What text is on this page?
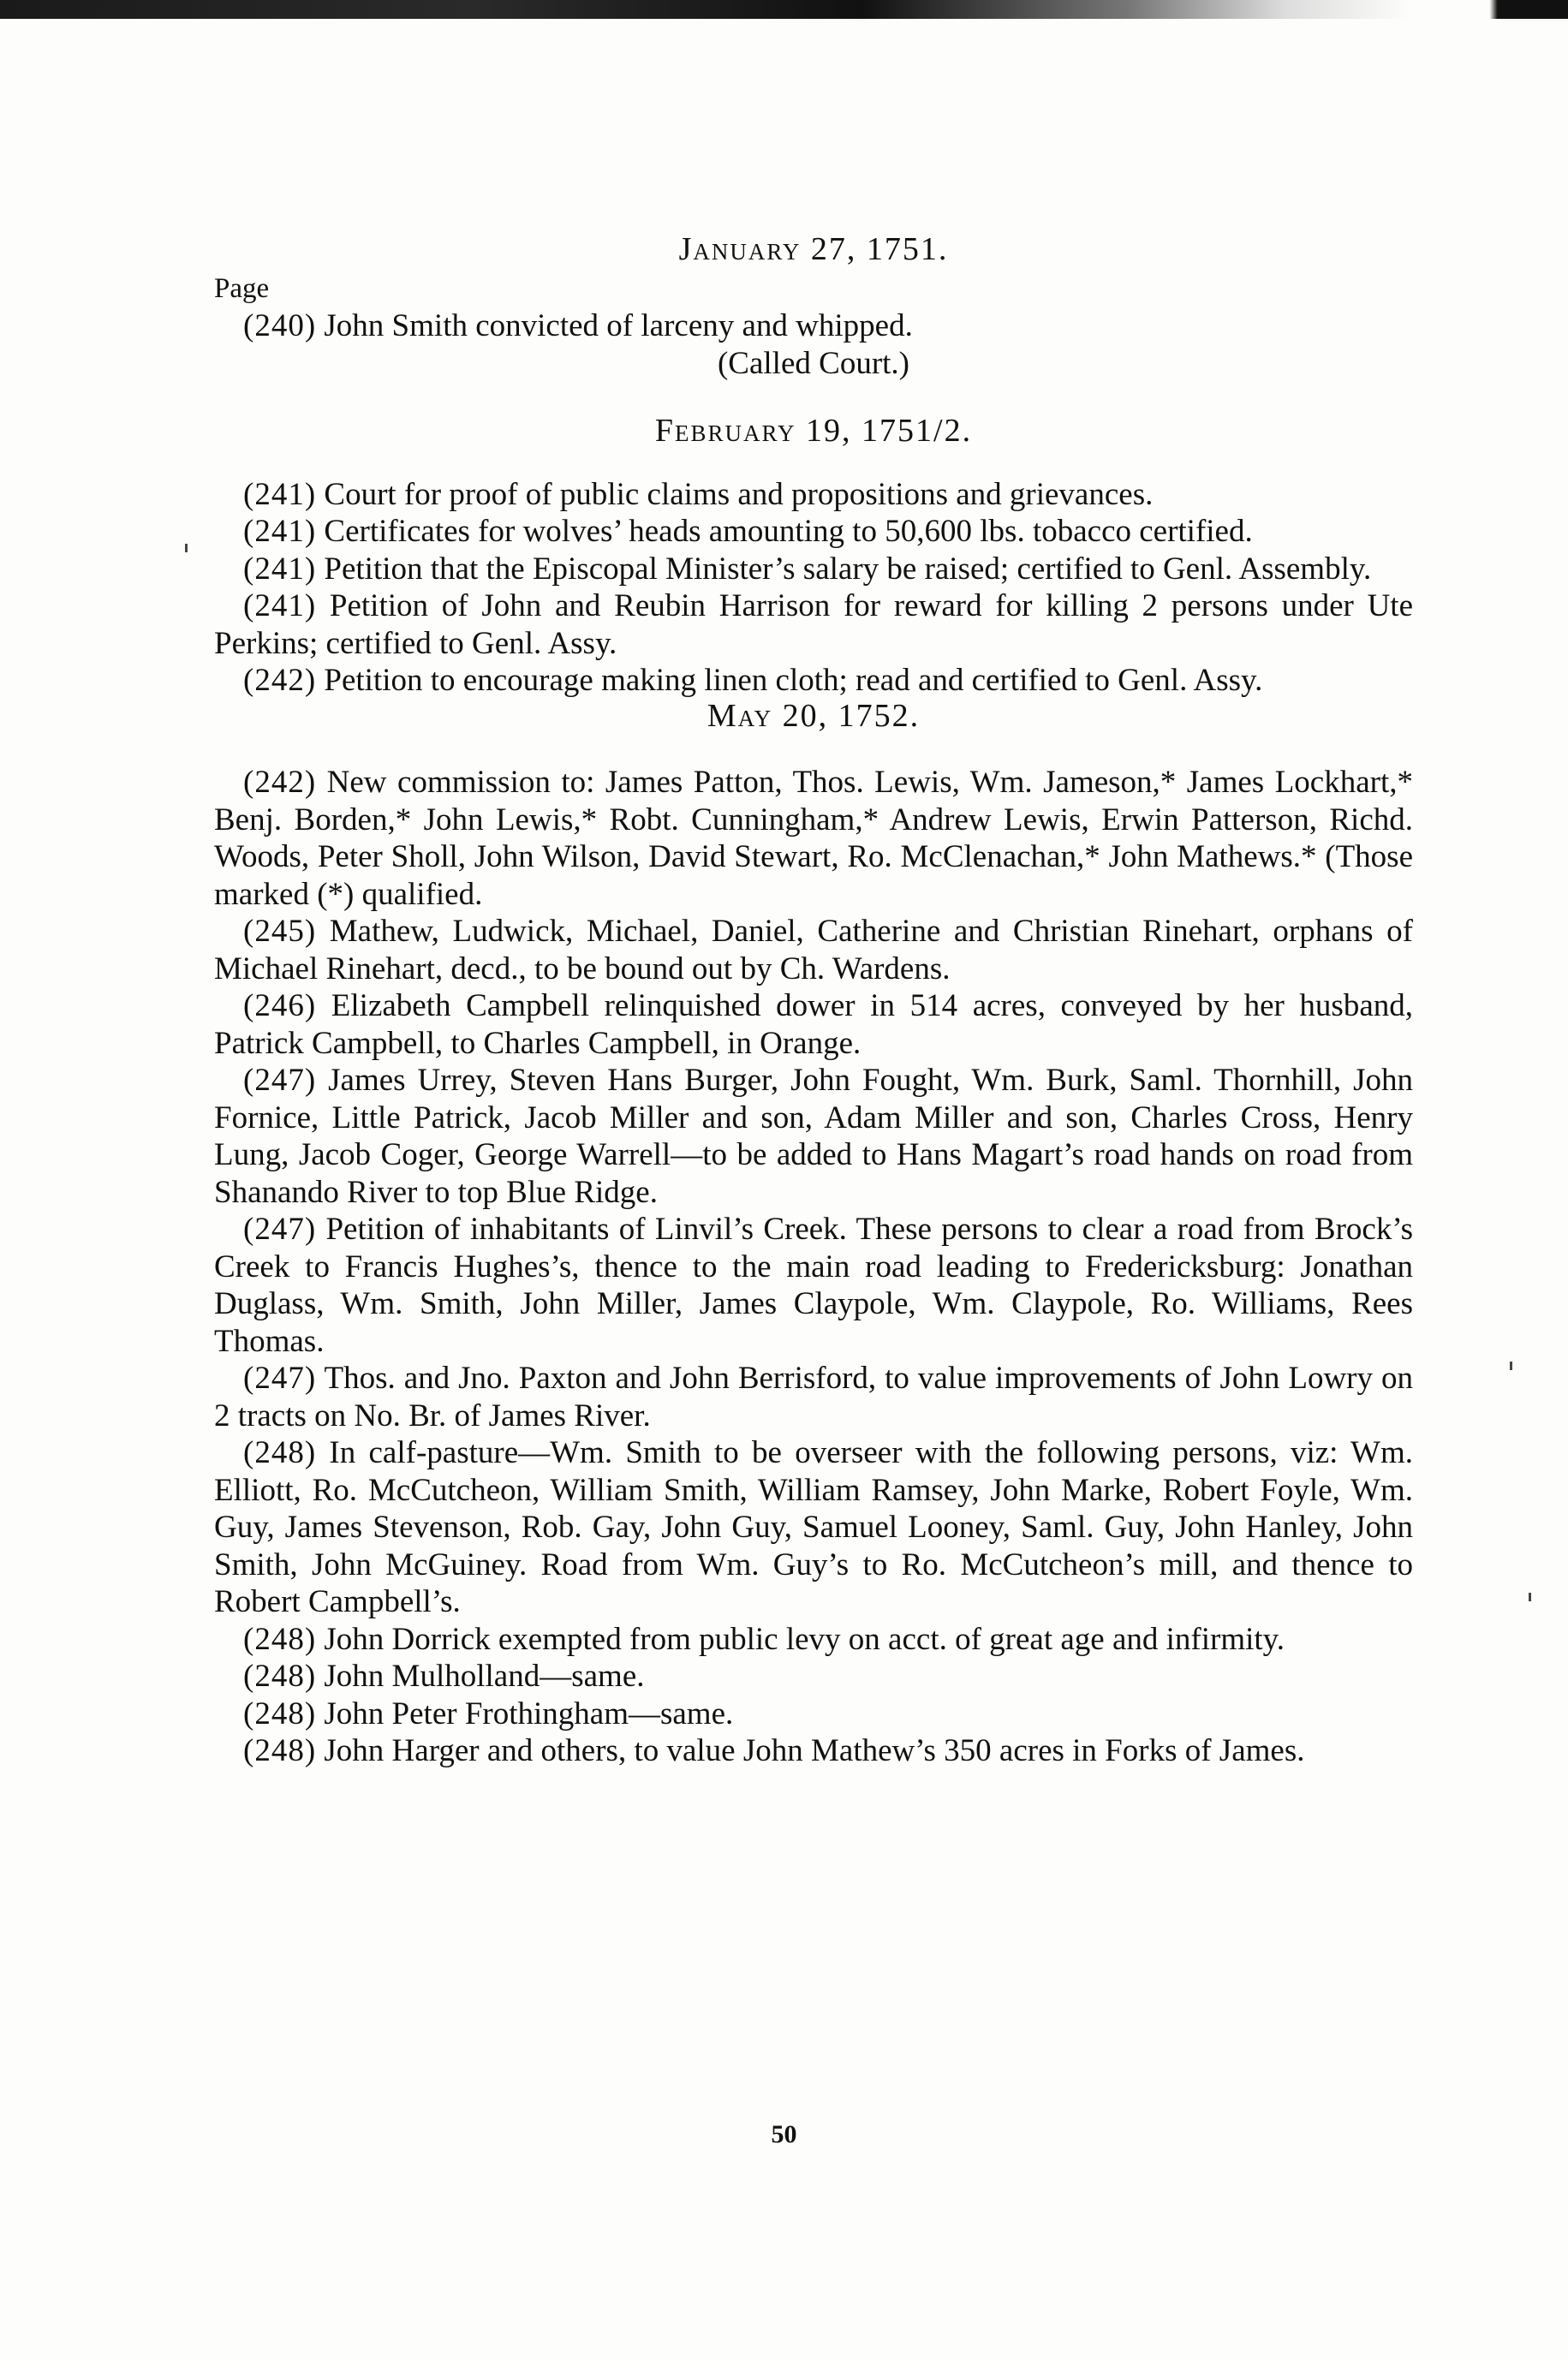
January 27, 1751.

Page

(240) John Smith convicted of larceny and whipped.

(Called Court.)

February 19, 1751/2.

(241) Court for proof of public claims and propositions and grievances.

(241) Certificates for wolves’ heads amounting to 50,600 lbs. tobacco certified.

(241) Petition that the Episcopal Minister’s salary be raised; certified to Genl. Assembly.

(241) Petition of John and Reubin Harrison for reward for killing 2 persons under Ute Perkins; certified to Genl. Assy.

(242) Petition to encourage making linen cloth; read and certified to Genl. Assy.

May 20, 1752.

(242) New commission to: James Patton, Thos. Lewis, Wm. Jameson,* James Lockhart,* Benj. Borden,* John Lewis,* Robt. Cunningham,* Andrew Lewis, Erwin Patterson, Richd. Woods, Peter Sholl, John Wilson, David Stewart, Ro. McClenachan,* John Mathews.* (Those marked (*) qualified.

(245) Mathew, Ludwick, Michael, Daniel, Catherine and Christian Rinehart, orphans of Michael Rinehart, decd., to be bound out by Ch. Wardens.

(246) Elizabeth Campbell relinquished dower in 514 acres, conveyed by her husband, Patrick Campbell, to Charles Campbell, in Orange.

(247) James Urrey, Steven Hans Burger, John Fought, Wm. Burk, Saml. Thornhill, John Fornice, Little Patrick, Jacob Miller and son, Adam Miller and son, Charles Cross, Henry Lung, Jacob Coger, George Warrell—to be added to Hans Magart’s road hands on road from Shanando River to top Blue Ridge.

(247) Petition of inhabitants of Linvil’s Creek. These persons to clear a road from Brock’s Creek to Francis Hughes’s, thence to the main road leading to Fredericksburg: Jonathan Duglass, Wm. Smith, John Miller, James Claypole, Wm. Claypole, Ro. Williams, Rees Thomas.

(247) Thos. and Jno. Paxton and John Berrisford, to value improvements of John Lowry on 2 tracts on No. Br. of James River.

(248) In calf-pasture—Wm. Smith to be overseer with the following persons, viz: Wm. Elliott, Ro. McCutcheon, William Smith, William Ramsey, John Marke, Robert Foyle, Wm. Guy, James Stevenson, Rob. Gay, John Guy, Samuel Looney, Saml. Guy, John Hanley, John Smith, John McGuiney. Road from Wm. Guy’s to Ro. McCutcheon’s mill, and thence to Robert Campbell’s.

(248) John Dorrick exempted from public levy on acct. of great age and infirmity.

(248) John Mulholland—same.

(248) John Peter Frothingham—same.

(248) John Harger and others, to value John Mathew’s 350 acres in Forks of James.

50
